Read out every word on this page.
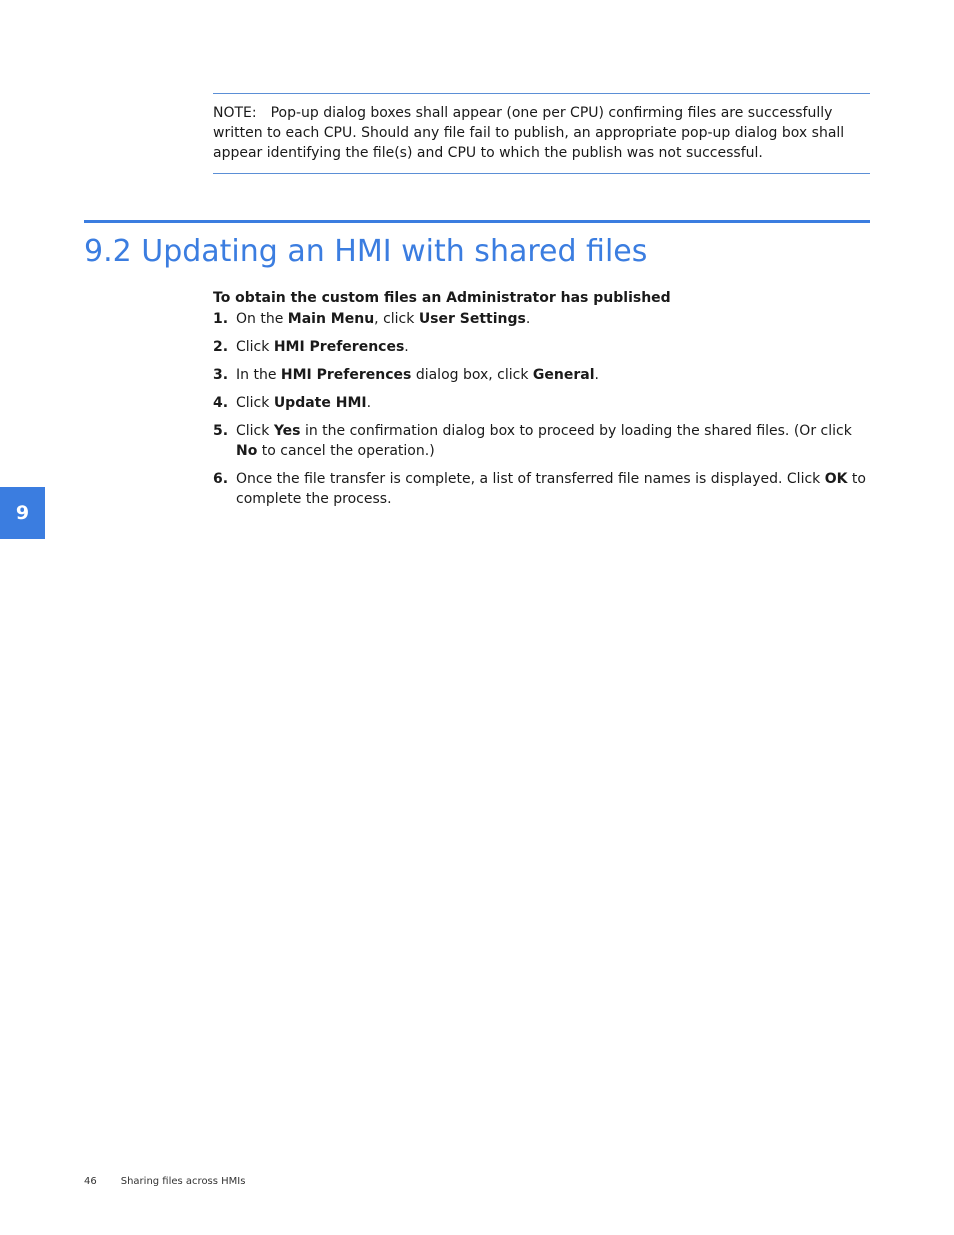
NOTE: Pop-up dialog boxes shall appear (one per CPU) confirming files are successfully written to each CPU. Should any file fail to publish, an appropriate pop-up dialog box shall appear identifying the file(s) and CPU to which the publish was not successful.
9.2 Updating an HMI with shared files

To obtain the custom files an Administrator has published

1. On the Main Menu, click User Settings.
2. Click HMI Preferences.
3. In the HMI Preferences dialog box, click General.
4. Click Update HMI.
5. Click Yes in the confirmation dialog box to proceed by loading the shared files. (Or click No to cancel the operation.)
6. Once the file transfer is complete, a list of transferred file names is displayed. Click OK to complete the process.
9
46 Sharing files across HMIs
